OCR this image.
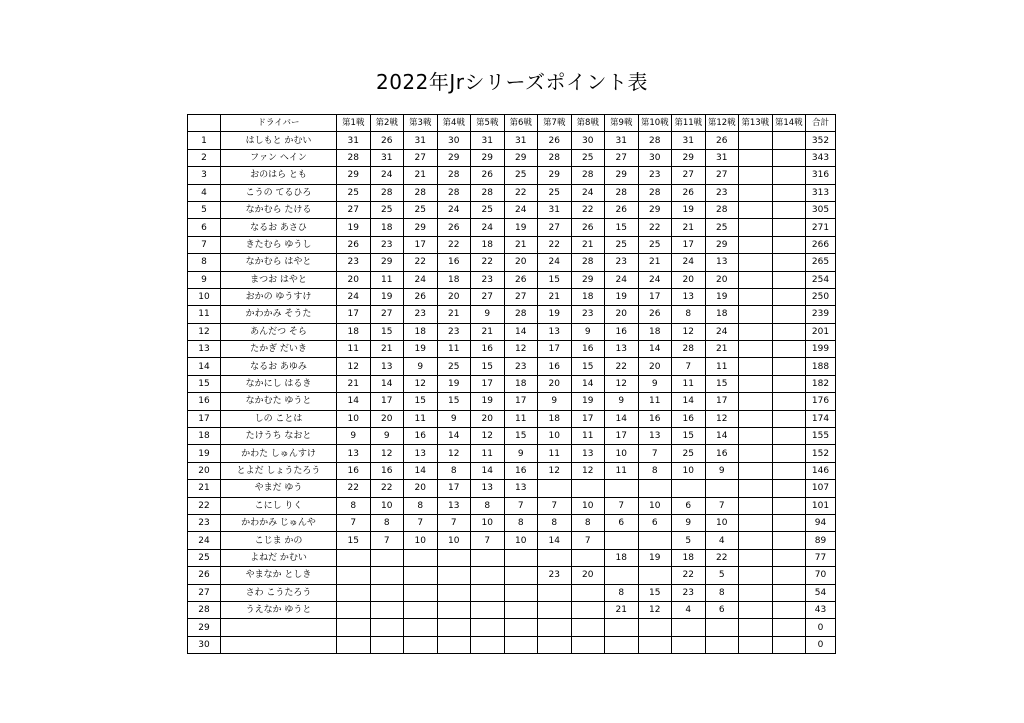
2022年Jrシリーズポイント表
	ドライバー	第1戦	第2戦	第3戦	第4戦	第5戦	第6戦	第7戦	第8戦	第9戦	第10戦	第11戦	第12戦	第13戦	第14戦	合計
1	はしもと かむい	31	26	31	30	31	31	26	30	31	28	31	26			352
2	ファン ヘイン	28	31	27	29	29	29	28	25	27	30	29	31			343
3	おのはら とも	29	24	21	28	26	25	29	28	29	23	27	27			316
4	こうの てるひろ	25	28	28	28	28	22	25	24	28	28	26	23			313
5	なかむら たける	27	25	25	24	25	24	31	22	26	29	19	28			305
6	なるお あさひ	19	18	29	26	24	19	27	26	15	22	21	25			271
7	きたむら ゆうし	26	23	17	22	18	21	22	21	25	25	17	29			266
8	なかむら はやと	23	29	22	16	22	20	24	28	23	21	24	13			265
9	まつお はやと	20	11	24	18	23	26	15	29	24	24	20	20			254
10	おかの ゆうすけ	24	19	26	20	27	27	21	18	19	17	13	19			250
11	かわかみ そうた	17	27	23	21	9	28	19	23	20	26	8	18			239
12	あんだつ そら	18	15	18	23	21	14	13	9	16	18	12	24			201
13	たかぎ だいき	11	21	19	11	16	12	17	16	13	14	28	21			199
14	なるお あゆみ	12	13	9	25	15	23	16	15	22	20	7	11			188
15	なかにし はるき	21	14	12	19	17	18	20	14	12	9	11	15			182
16	なかむた ゆうと	14	17	15	15	19	17	9	19	9	11	14	17			176
17	しの ことは	10	20	11	9	20	11	18	17	14	16	16	12			174
18	たけうち なおと	9	9	16	14	12	15	10	11	17	13	15	14			155
19	かわた しゅんすけ	13	12	13	12	11	9	11	13	10	7	25	16			152
20	とよだ しょうたろう	16	16	14	8	14	16	12	12	11	8	10	9			146
21	やまだ ゆう	22	22	20	17	13	13									107
22	こにし りく	8	10	8	13	8	7	7	10	7	10	6	7			101
23	かわかみ じゅんや	7	8	7	7	10	8	8	8	6	6	9	10			94
24	こじま かの	15	7	10	10	7	10	14	7			5	4			89
25	よねだ かむい									18	19	18	22			77
26	やまなか としき							23	20			22	5			70
27	さわ こうたろう									8	15	23	8			54
28	うえなか ゆうと									21	12	4	6			43
29																0
30																0
